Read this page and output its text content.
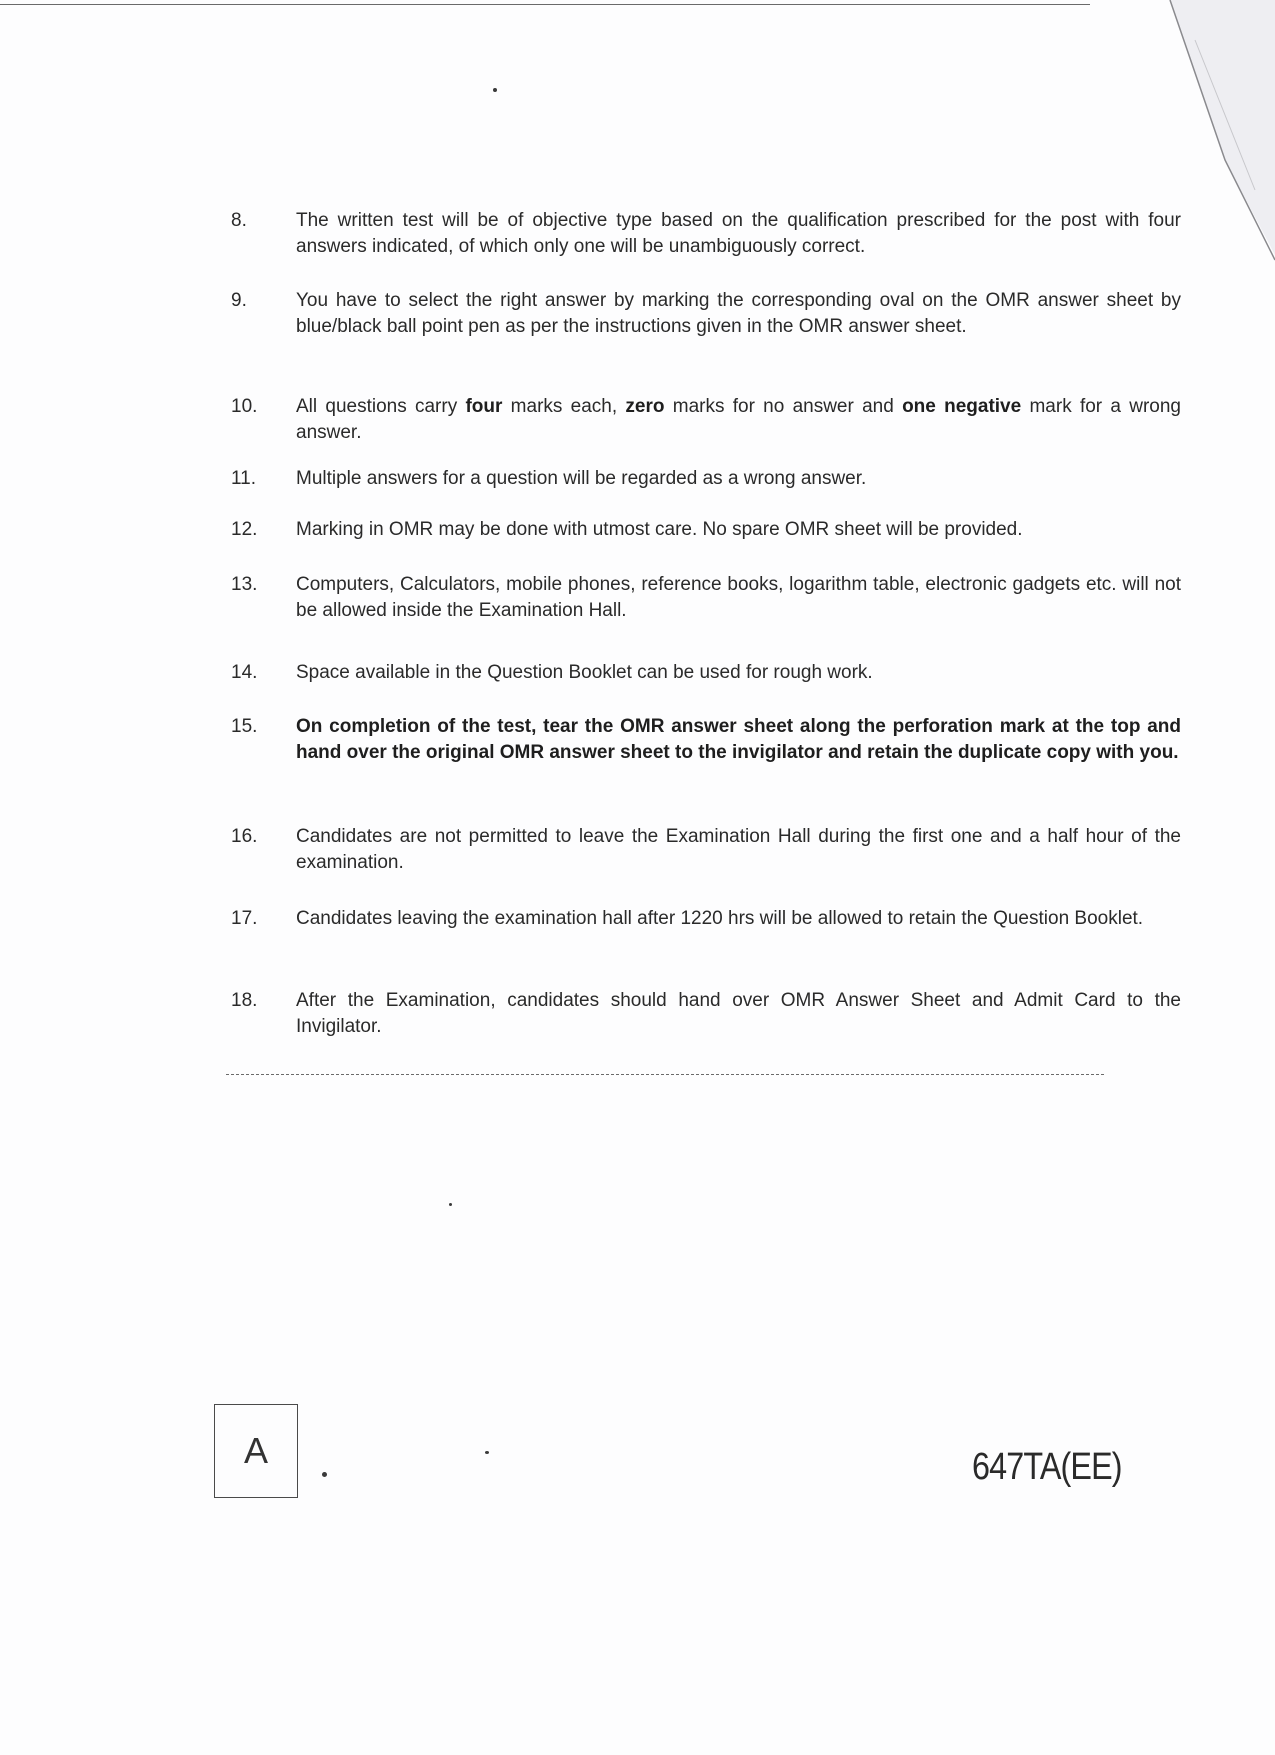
8.	The written test will be of objective type based on the qualification prescribed for the post with four answers indicated, of which only one will be unambiguously correct.
9.	You have to select the right answer by marking the corresponding oval on the OMR answer sheet by blue/black ball point pen as per the instructions given in the OMR answer sheet.
10.	All questions carry four marks each, zero marks for no answer and one negative mark for a wrong answer.
11.	Multiple answers for a question will be regarded as a wrong answer.
12.	Marking in OMR may be done with utmost care. No spare OMR sheet will be provided.
13.	Computers, Calculators, mobile phones, reference books, logarithm table, electronic gadgets etc. will not be allowed inside the Examination Hall.
14.	Space available in the Question Booklet can be used for rough work.
15.	On completion of the test, tear the OMR answer sheet along the perforation mark at the top and hand over the original OMR answer sheet to the invigilator and retain the duplicate copy with you.
16.	Candidates are not permitted to leave the Examination Hall during the first one and a half hour of the examination.
17.	Candidates leaving the examination hall after 1220 hrs will be allowed to retain the Question Booklet.
18.	After the Examination, candidates should hand over OMR Answer Sheet and Admit Card to the Invigilator.
A	647TA(EE)
